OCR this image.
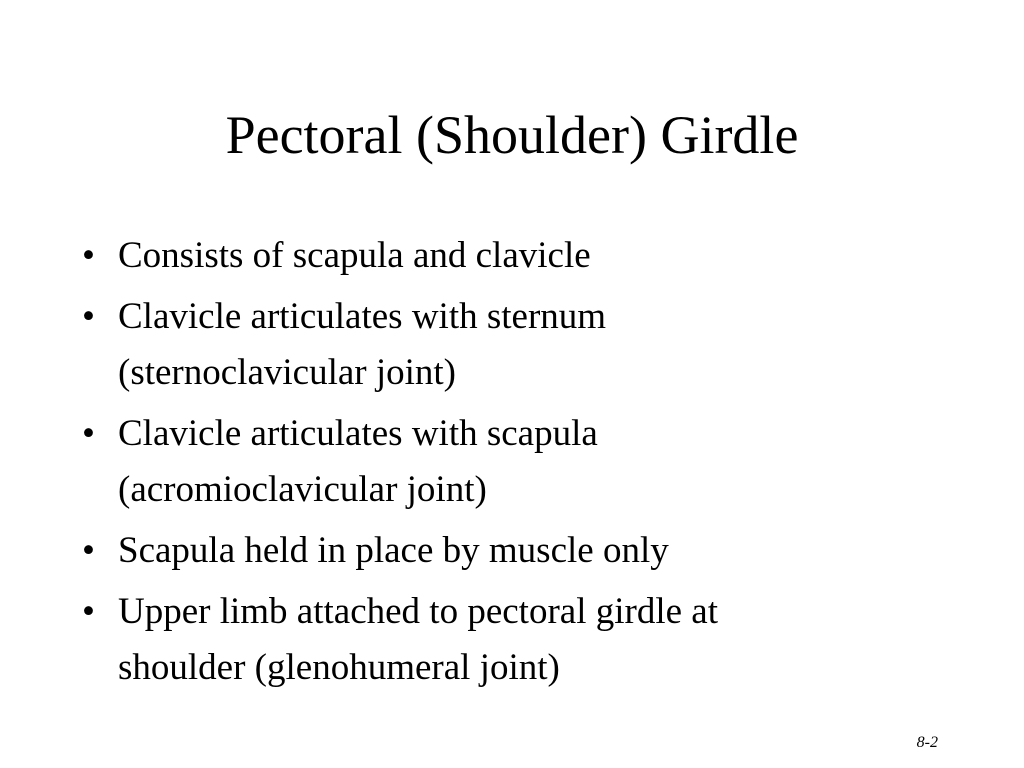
Pectoral (Shoulder) Girdle
• Consists of scapula and clavicle
• Clavicle articulates with sternum
(sternoclavicular joint)
• Clavicle articulates with scapula
(acromioclavicular joint)
• Scapula held in place by muscle only
• Upper limb attached to pectoral girdle at
shoulder (glenohumeral joint)
8-2
